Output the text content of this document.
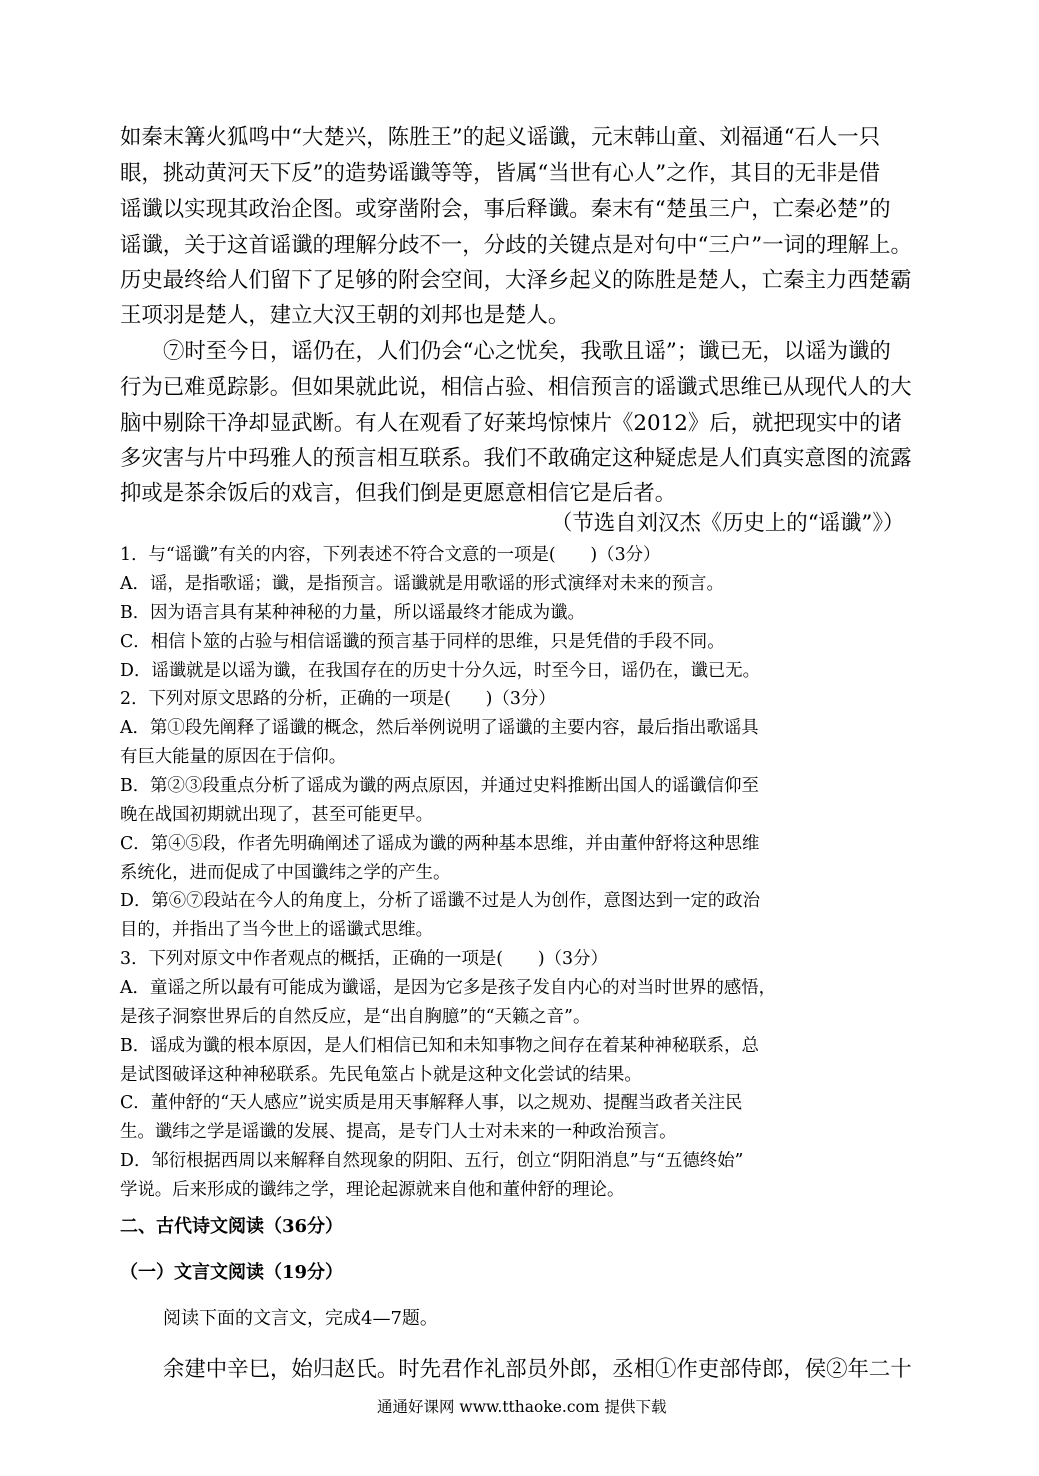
如秦末篝火狐鸣中“大楚兴，陈胜王”的起义谣谶，元末韩山童、刘福通“石人一只
眼，挑动黄河天下反”的造势谣谶等等，皆属“当世有心人”之作，其目的无非是借
谣谶以实现其政治企图。或穿凿附会，事后释谶。秦末有“楚虽三户，亡秦必楚”的
谣谶，关于这首谣谶的理解分歧不一，分歧的关键点是对句中“三户”一词的理解上。
历史最终给人们留下了足够的附会空间，大泽乡起义的陈胜是楚人，亡秦主力西楚霸
王项羽是楚人，建立大汉王朝的刘邦也是楚人。
⑦时至今日，谣仍在，人们仍会“心之忧矣，我歌且谣”；谶已无，以谣为谶的
行为已难觅踪影。但如果就此说，相信占验、相信预言的谣谶式思维已从现代人的大
脑中剔除干净却显武断。有人在观看了好莱坞惊悚片《2012》后，就把现实中的诸
多灾害与片中玛雅人的预言相互联系。我们不敢确定这种疑虑是人们真实意图的流露
抑或是茶余饭后的戏言，但我们倒是更愿意相信它是后者。
（节选自刘汉杰《历史上的“谣谶”》）
1．与“谣谶”有关的内容，下列表述不符合文意的一项是(　　)（3分）
A．谣，是指歌谣；谶，是指预言。谣谶就是用歌谣的形式演绎对未来的预言。
B．因为语言具有某种神秘的力量，所以谣最终才能成为谶。
C．相信卜筮的占验与相信谣谶的预言基于同样的思维，只是凭借的手段不同。
D．谣谶就是以谣为谶，在我国存在的历史十分久远，时至今日，谣仍在，谶已无。
2．下列对原文思路的分析，正确的一项是(　　)（3分）
A．第①段先阐释了谣谶的概念，然后举例说明了谣谶的主要内容，最后指出歌谣具
有巨大能量的原因在于信仰。
B．第②③段重点分析了谣成为谶的两点原因，并通过史料推断出国人的谣谶信仰至
晚在战国初期就出现了，甚至可能更早。
C．第④⑤段，作者先明确阐述了谣成为谶的两种基本思维，并由董仲舒将这种思维
系统化，进而促成了中国谶纬之学的产生。
D．第⑥⑦段站在今人的角度上，分析了谣谶不过是人为创作，意图达到一定的政治
目的，并指出了当今世上的谣谶式思维。
3．下列对原文中作者观点的概括，正确的一项是(　　)（3分）
A．童谣之所以最有可能成为谶谣，是因为它多是孩子发自内心的对当时世界的感悟，
是孩子洞察世界后的自然反应，是“出自胸臆”的“天籁之音”。
B．谣成为谶的根本原因，是人们相信已知和未知事物之间存在着某种神秘联系，总
是试图破译这种神秘联系。先民龟筮占卜就是这种文化尝试的结果。
C．董仲舒的“天人感应”说实质是用天事解释人事，以之规劝、提醒当政者关注民
生。谶纬之学是谣谶的发展、提高，是专门人士对未来的一种政治预言。
D．邹衍根据西周以来解释自然现象的阴阳、五行，创立“阴阳消息”与“五德终始”
学说。后来形成的谶纬之学，理论起源就来自他和董仲舒的理论。
二、古代诗文阅读（36分）
（一）文言文阅读（19分）
阅读下面的文言文，完成4—7题。
余建中辛巳，始归赵氏。时先君作礼部员外郎，丞相①作吏部侍郎，侯②年二十
通通好课网 www.tthaoke.com 提供下载
